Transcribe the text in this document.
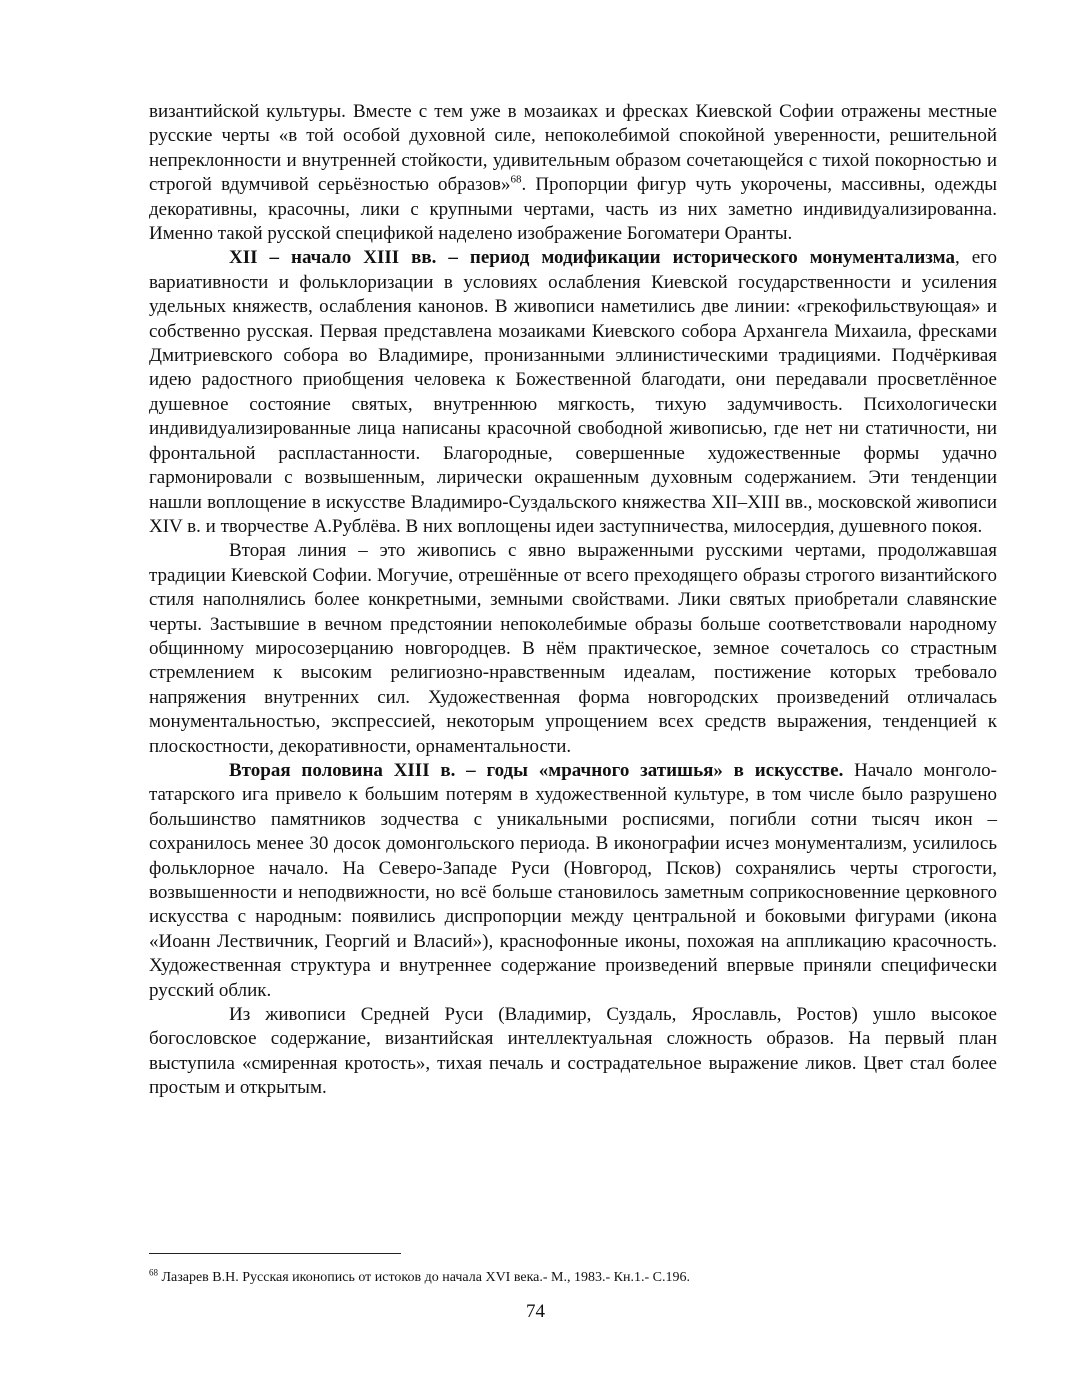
византийской культуры. Вместе с тем уже в мозаиках и фресках Киевской Софии отражены местные русские черты «в той особой духовной силе, непоколебимой спокойной уверенности, решительной непреклонности и внутренней стойкости, удивительным образом сочетающейся с тихой покорностью и строгой вдумчивой серьёзностью образов»$^{68}$. Пропорции фигур чуть укорочены, массивны, одежды декоративны, красочны, лики с крупными чертами, часть из них заметно индивидуализированна. Именно такой русской спецификой наделено изображение Богоматери Оранты.

XII – начало XIII вв. – период модификации исторического монументализма, его вариативности и фольклоризации в условиях ослабления Киевской государственности и усиления удельных княжеств, ослабления канонов. В живописи наметились две линии: «грекофильствующая» и собственно русская. Первая представлена мозаиками Киевского собора Архангела Михаила, фресками Дмитриевского собора во Владимире, пронизанными эллинистическими традициями. Подчёркивая идею радостного приобщения человека к Божественной благодати, они передавали просветлённое душевное состояние святых, внутреннюю мягкость, тихую задумчивость. Психологически индивидуализированные лица написаны красочной свободной живописью, где нет ни статичности, ни фронтальной распластанности. Благородные, совершенные художественные формы удачно гармонировали с возвышенным, лирически окрашенным духовным содержанием. Эти тенденции нашли воплощение в искусстве Владимиро-Суздальского княжества XII–XIII вв., московской живописи XIV в. и творчестве А.Рублёва. В них воплощены идеи заступничества, милосердия, душевного покоя.

Вторая линия – это живопись с явно выраженными русскими чертами, продолжавшая традиции Киевской Софии. Могучие, отрешённые от всего преходящего образы строгого византийского стиля наполнялись более конкретными, земными свойствами. Лики святых приобретали славянские черты. Застывшие в вечном предстоянии непоколебимые образы больше соответствовали народному общинному миросозерцанию новгородцев. В нём практическое, земное сочеталось со страстным стремлением к высоким религиозно-нравственным идеалам, постижение которых требовало напряжения внутренних сил. Художественная форма новгородских произведений отличалась монументальностью, экспрессией, некоторым упрощением всех средств выражения, тенденцией к плоскостности, декоративности, орнаментальности.

Вторая половина XIII в. – годы «мрачного затишья» в искусстве. Начало монголо-татарского ига привело к большим потерям в художественной культуре, в том числе было разрушено большинство памятников зодчества с уникальными росписями, погибли сотни тысяч икон – сохранилось менее 30 досок домонгольского периода. В иконографии исчез монументализм, усилилось фольклорное начало. На Северо-Западе Руси (Новгород, Псков) сохранялись черты строгости, возвышенности и неподвижности, но всё больше становилось заметным соприкосновенние церковного искусства с народным: появились диспропорции между центральной и боковыми фигурами (икона «Иоанн Лествичник, Георгий и Власий»), краснофонные иконы, похожая на аппликацию красочность. Художественная структура и внутреннее содержание произведений впервые приняли специфически русский облик.

Из живописи Средней Руси (Владимир, Суздаль, Ярославль, Ростов) ушло высокое богословское содержание, византийская интеллектуальная сложность образов. На первый план выступила «смиренная кротость», тихая печаль и сострадательное выражение ликов. Цвет стал более простым и открытым.

$^{68}$ Лазарев В.Н. Русская иконопись от истоков до начала XVI века.- М., 1983.- Кн.1.- С.196.
74
